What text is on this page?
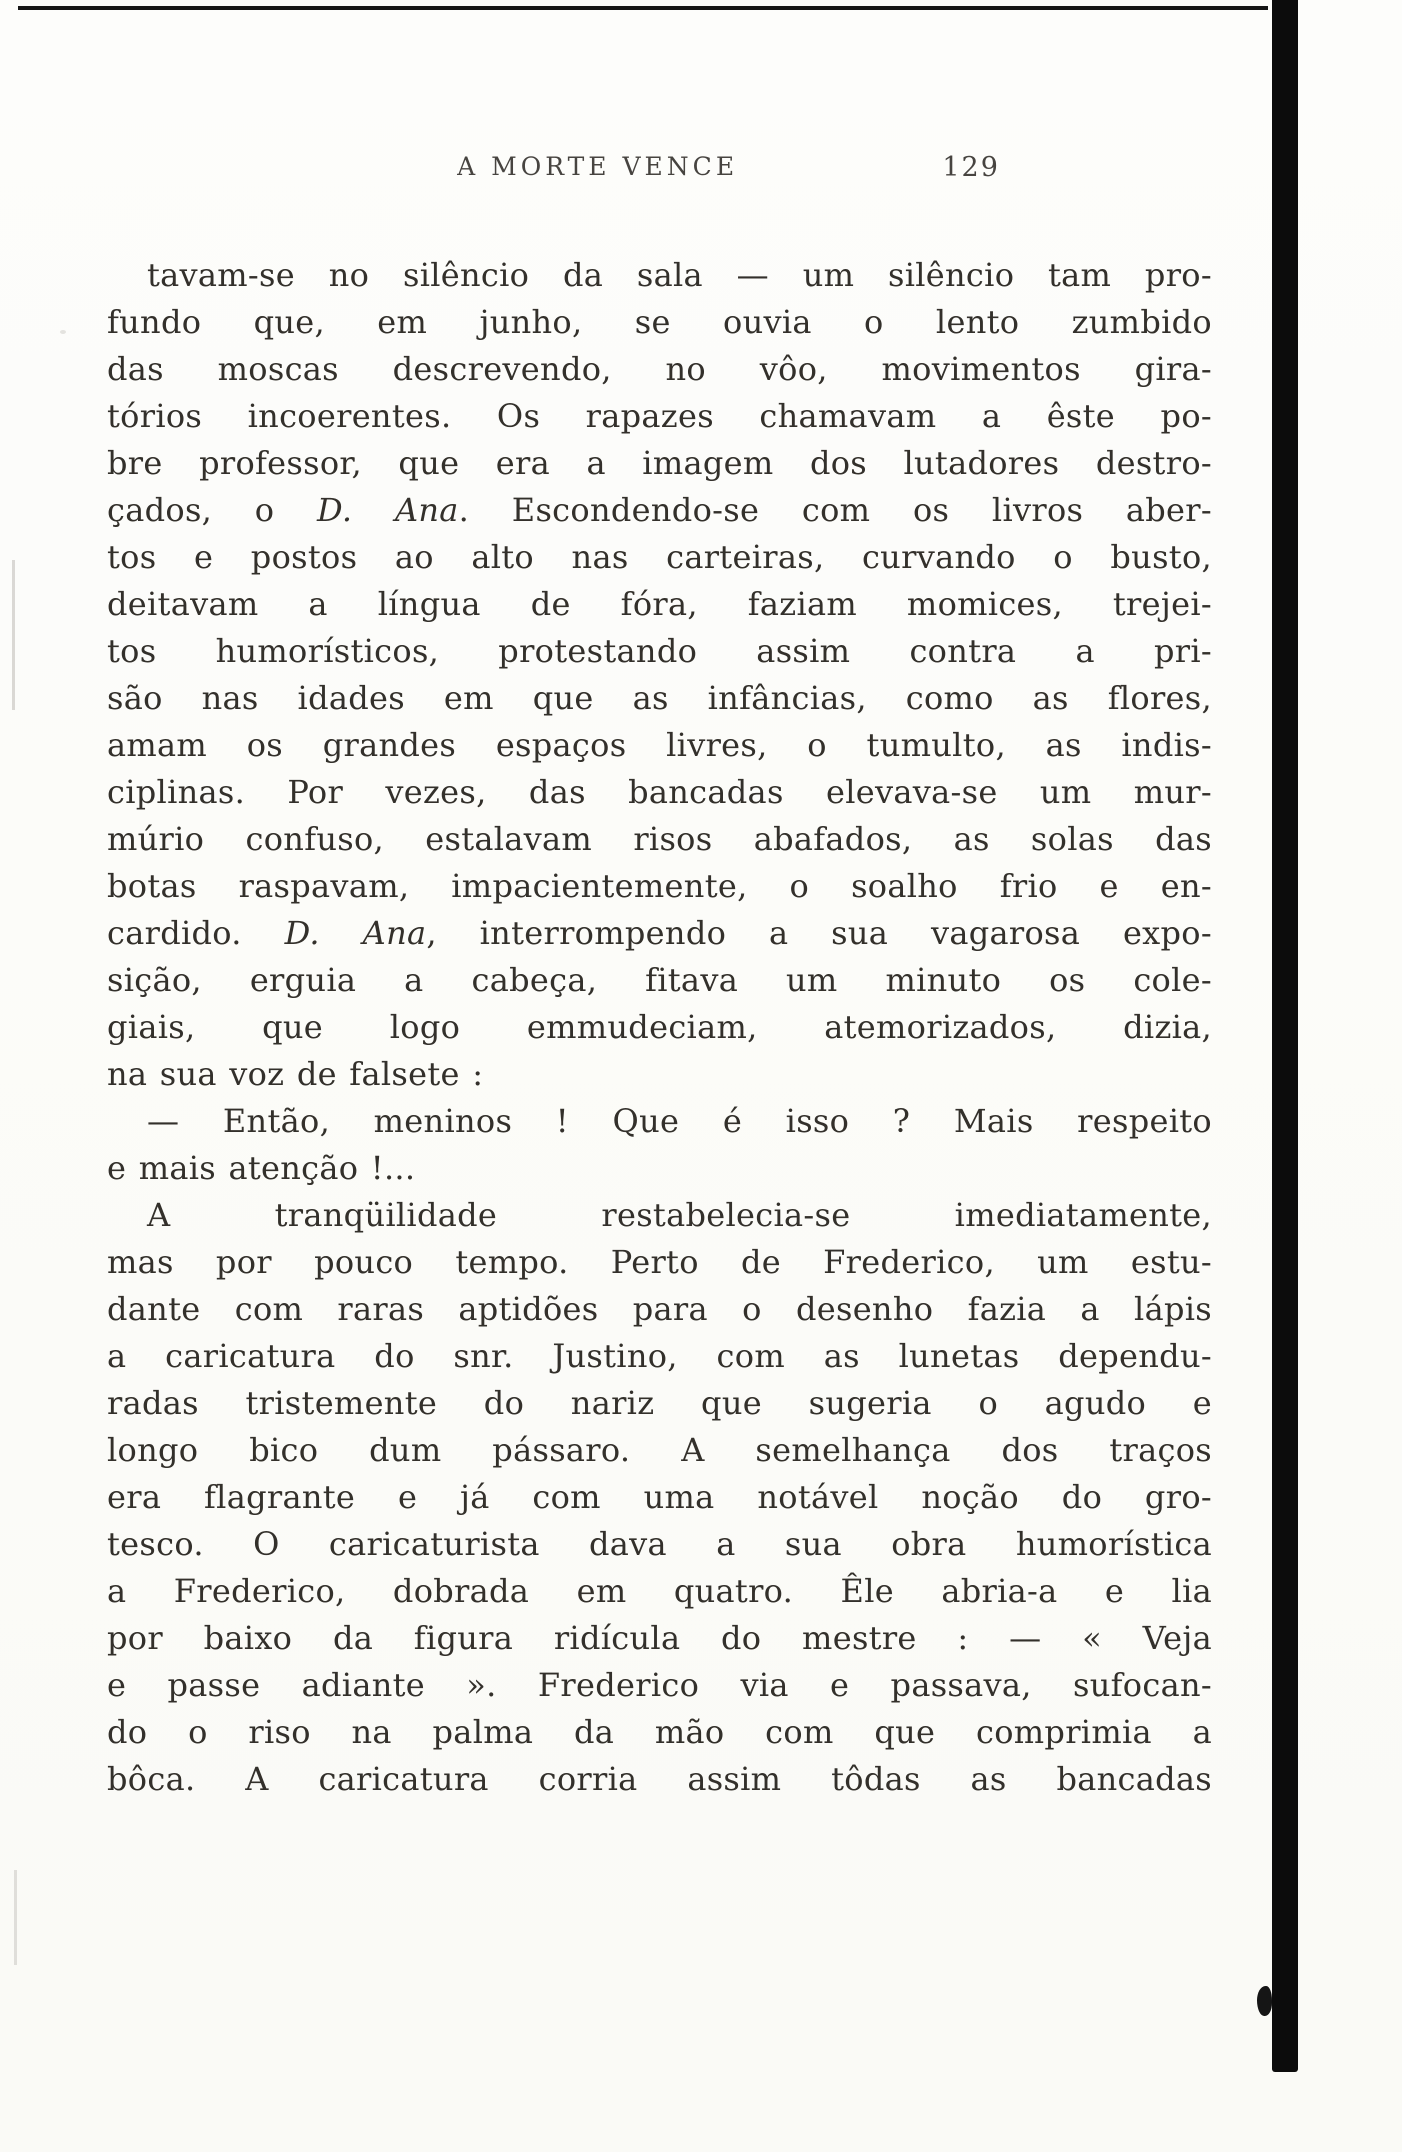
A MORTE VENCE	129
tavam-se no silêncio da sala — um silêncio tam pro-
fundo que, em junho, se ouvia o lento zumbido
das moscas descrevendo, no vôo, movimentos gira-
tórios incoerentes. Os rapazes chamavam a êste po-
bre professor, que era a imagem dos lutadores destro-
çados, o D. Ana. Escondendo-se com os livros aber-
tos e postos ao alto nas carteiras, curvando o busto,
deitavam a língua de fóra, faziam momices, trejei-
tos humorísticos, protestando assim contra a pri-
são nas idades em que as infâncias, como as flores,
amam os grandes espaços livres, o tumulto, as indis-
ciplinas. Por vezes, das bancadas elevava-se um mur-
múrio confuso, estalavam risos abafados, as solas das
botas raspavam, impacientemente, o soalho frio e en-
cardido. D. Ana, interrompendo a sua vagarosa expo-
sição, erguia a cabeça, fitava um minuto os cole-
giais, que logo emmudeciam, atemorizados, dizia,
na sua voz de falsete :
— Então, meninos ! Que é isso ? Mais respeito
e mais atenção !...
A tranqüilidade restabelecia-se imediatamente,
mas por pouco tempo. Perto de Frederico, um estu-
dante com raras aptidões para o desenho fazia a lápis
a caricatura do snr. Justino, com as lunetas dependu-
radas tristemente do nariz que sugeria o agudo e
longo bico dum pássaro. A semelhança dos traços
era flagrante e já com uma notável noção do gro-
tesco. O caricaturista dava a sua obra humorística
a Frederico, dobrada em quatro. Êle abria-a e lia
por baixo da figura ridícula do mestre : — « Veja
e passe adiante ». Frederico via e passava, sufocan-
do o riso na palma da mão com que comprimia a
bôca. A caricatura corria assim tôdas as bancadas
